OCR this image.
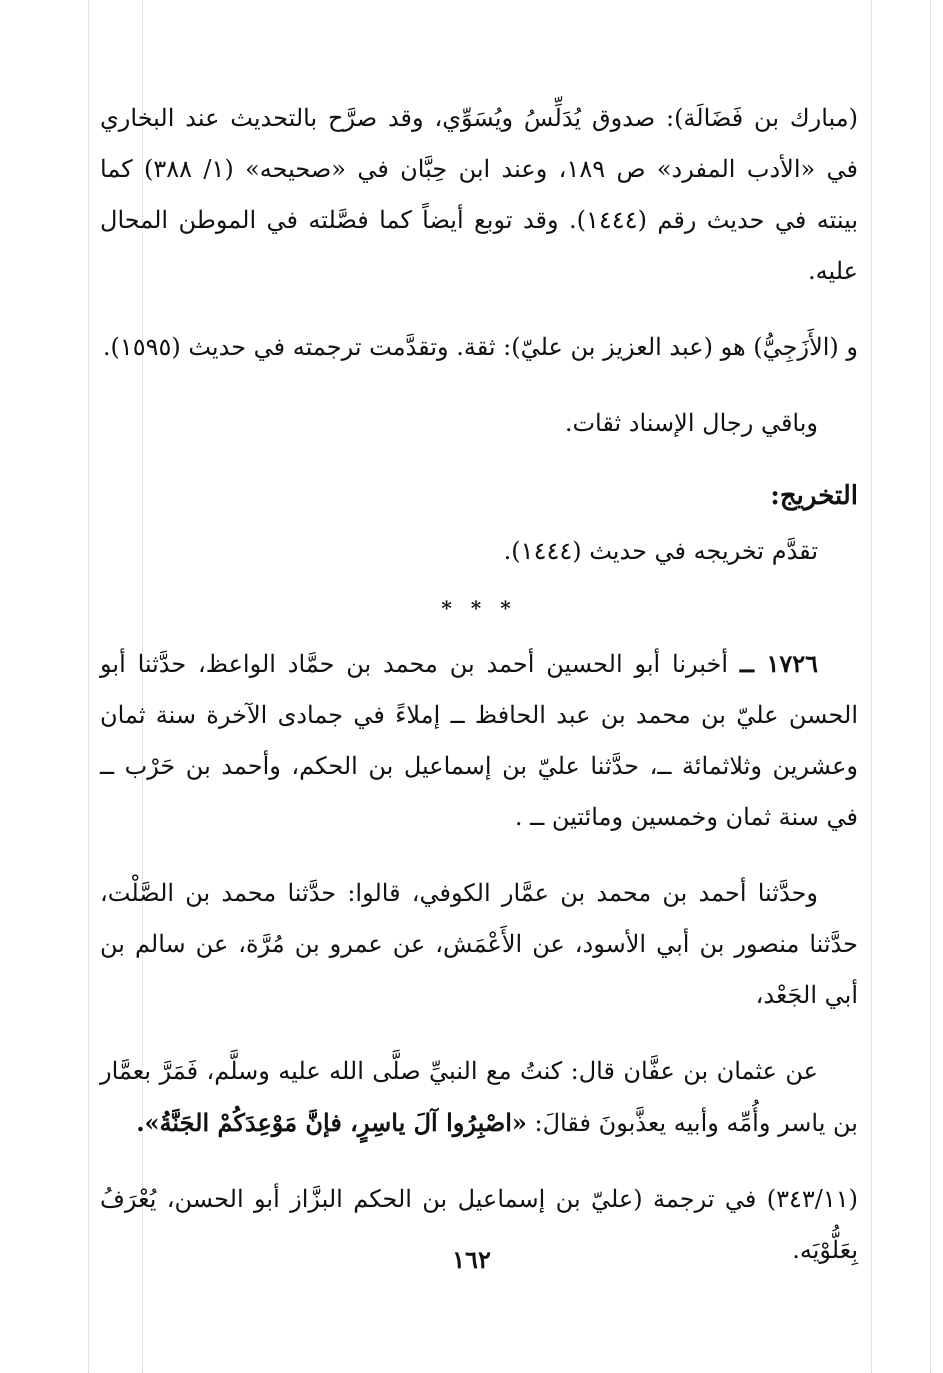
(مبارك بن فَضَالَة): صدوق يُدَلِّسُ ويُسَوِّي، وقد صرَّح بالتحديث عند البخاري في «الأدب المفرد» ص ١٨٩، وعند ابن حِبَّان في «صحيحه» (١/ ٣٨٨) كما بينته في حديث رقم (١٤٤٤). وقد توبع أيضاً كما فصَّلته في الموطن المحال عليه.

و (الأَزَجِيُّ) هو (عبد العزيز بن عليّ): ثقة. وتقدَّمت ترجمته في حديث (١٥٩٥).

وباقي رجال الإسناد ثقات.

التخريج:

تقدَّم تخريجه في حديث (١٤٤٤).

* * *

١٧٢٦ ــ أخبرنا أبو الحسين أحمد بن محمد بن حمَّاد الواعظ، حدَّثنا أبو الحسن عليّ بن محمد بن عبد الحافظ ــ إملاءً في جمادى الآخرة سنة ثمان وعشرين وثلاثمائة ــ، حدَّثنا عليّ بن إسماعيل بن الحكم، وأحمد بن حَرْب ــ في سنة ثمان وخمسين ومائتين ــ .

وحدَّثنا أحمد بن محمد بن عمَّار الكوفي، قالوا: حدَّثنا محمد بن الصَّلْت، حدَّثنا منصور بن أبي الأسود، عن الأَعْمَش، عن عمرو بن مُرَّة، عن سالم بن أبي الجَعْد،

عن عثمان بن عفَّان قال: كنتُ مع النبيِّ صلَّى الله عليه وسلَّم، فَمَرَّ بعمَّار بن ياسر وأُمِّه وأبيه يعذَّبونَ فقالَ: «اصْبِرُوا آلَ ياسِرٍ، فإنَّ مَوْعِدَكُمْ الجَنَّةُ».

(٣٤٣/١١) في ترجمة (عليّ بن إسماعيل بن الحكم البزَّاز أبو الحسن، يُعْرَفُ بِعَلُّوْيَه.

١٦٢
